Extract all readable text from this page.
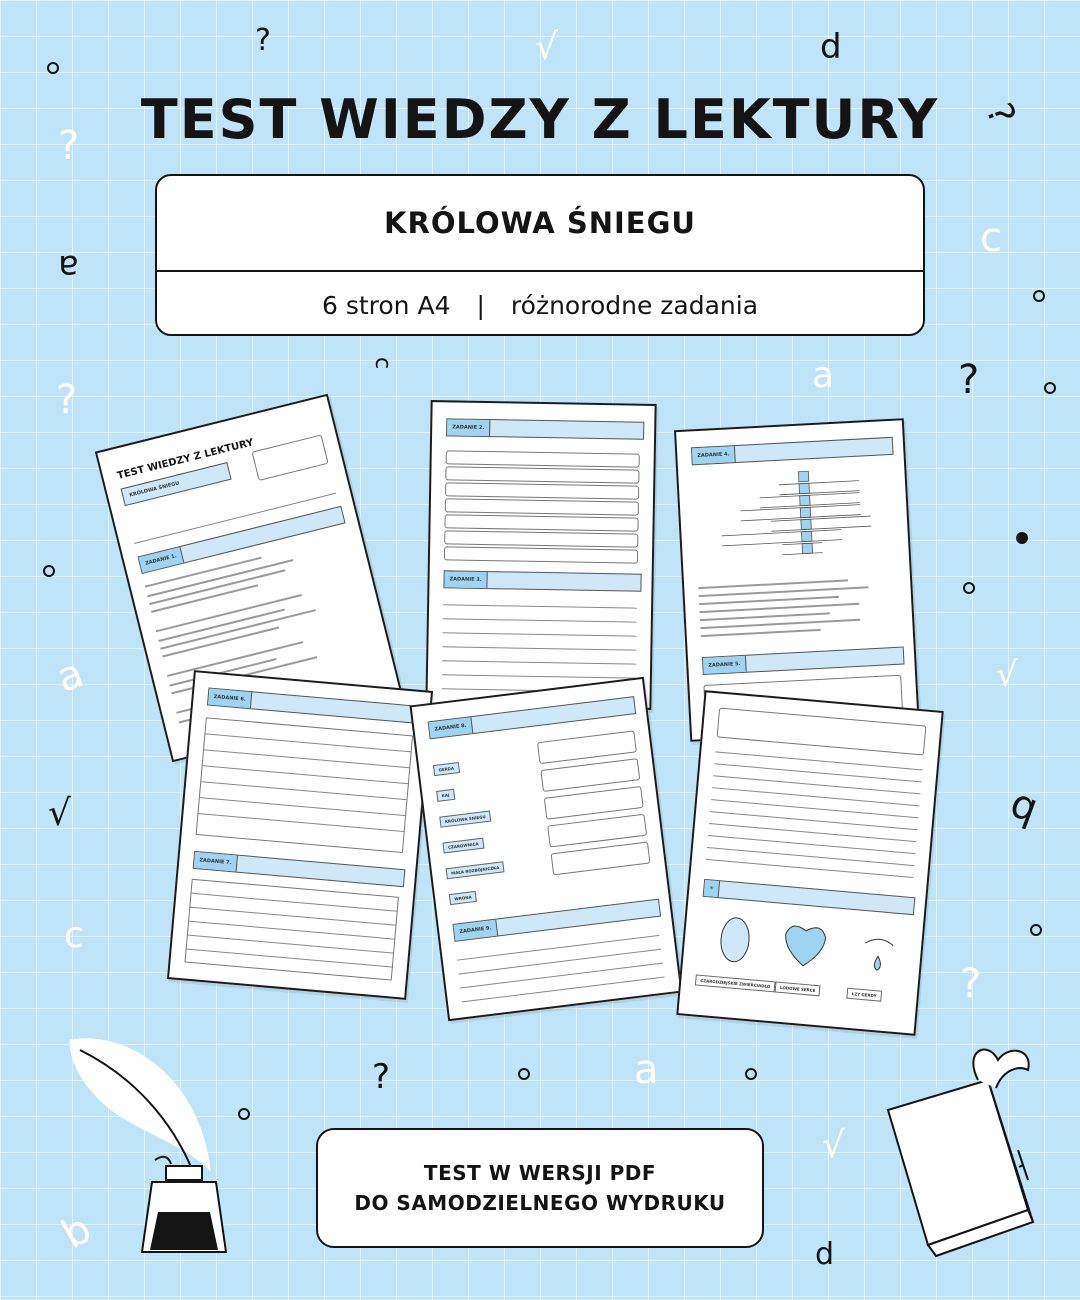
?	√	d
?
?
a
c
c	a	?
?
a	√
√	b
c
?
?	a
√
d
b
TEST WIEDZY Z LEKTURY
KRÓLOWA ŚNIEGU
6 stron A4 | różnorodne zadania
TEST WIEDZY Z LEKTURY
KRÓLOWA ŚNIEGU
ZADANIE 1.
ZADANIE 2.
ZADANIE 3.
ZADANIE 4.
ZADANIE 5.
ZADANIE 6.
ZADANIE 7.
ZADANIE 8.
GERDA
KAJ
KRÓLOWA ŚNIEGU
CZAROWNICA
MAŁA ROZBÓJNICZKA
WRONA
ZADANIE 9.
✳
CZARODZIEJSKIE ZWIERCIADŁO	LODOWE SERCE
ŁZY GERDY
TEST W WERSJI PDF
DO SAMODZIELNEGO WYDRUKU
